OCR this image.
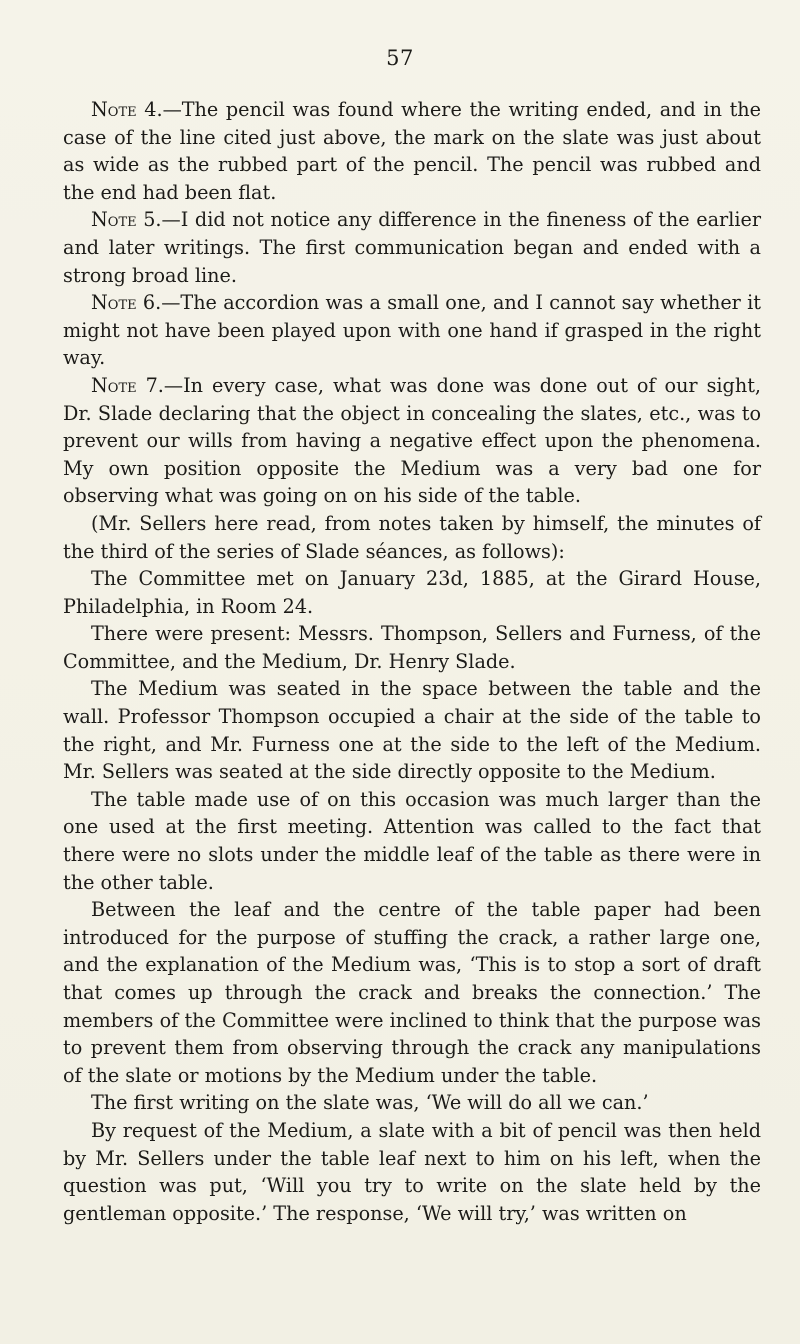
57

Note 4.—The pencil was found where the writing ended, and in the case of the line cited just above, the mark on the slate was just about as wide as the rubbed part of the pencil. The pencil was rubbed and the end had been flat.

Note 5.—I did not notice any difference in the fineness of the earlier and later writings. The first communication began and ended with a strong broad line.

Note 6.—The accordion was a small one, and I cannot say whether it might not have been played upon with one hand if grasped in the right way.

Note 7.—In every case, what was done was done out of our sight, Dr. Slade declaring that the object in concealing the slates, etc., was to prevent our wills from having a negative effect upon the phenomena. My own position opposite the Medium was a very bad one for observing what was going on on his side of the table.

(Mr. Sellers here read, from notes taken by himself, the minutes of the third of the series of Slade séances, as follows):

The Committee met on January 23d, 1885, at the Girard House, Philadelphia, in Room 24.

There were present: Messrs. Thompson, Sellers and Furness, of the Committee, and the Medium, Dr. Henry Slade.

The Medium was seated in the space between the table and the wall. Professor Thompson occupied a chair at the side of the table to the right, and Mr. Furness one at the side to the left of the Medium. Mr. Sellers was seated at the side directly opposite to the Medium.

The table made use of on this occasion was much larger than the one used at the first meeting. Attention was called to the fact that there were no slots under the middle leaf of the table as there were in the other table.

Between the leaf and the centre of the table paper had been introduced for the purpose of stuffing the crack, a rather large one, and the explanation of the Medium was, ‘This is to stop a sort of draft that comes up through the crack and breaks the connection.’ The members of the Committee were inclined to think that the purpose was to prevent them from observing through the crack any manipulations of the slate or motions by the Medium under the table.

The first writing on the slate was, ‘We will do all we can.’

By request of the Medium, a slate with a bit of pencil was then held by Mr. Sellers under the table leaf next to him on his left, when the question was put, ‘Will you try to write on the slate held by the gentleman opposite.’ The response, ‘We will try,’ was written on
